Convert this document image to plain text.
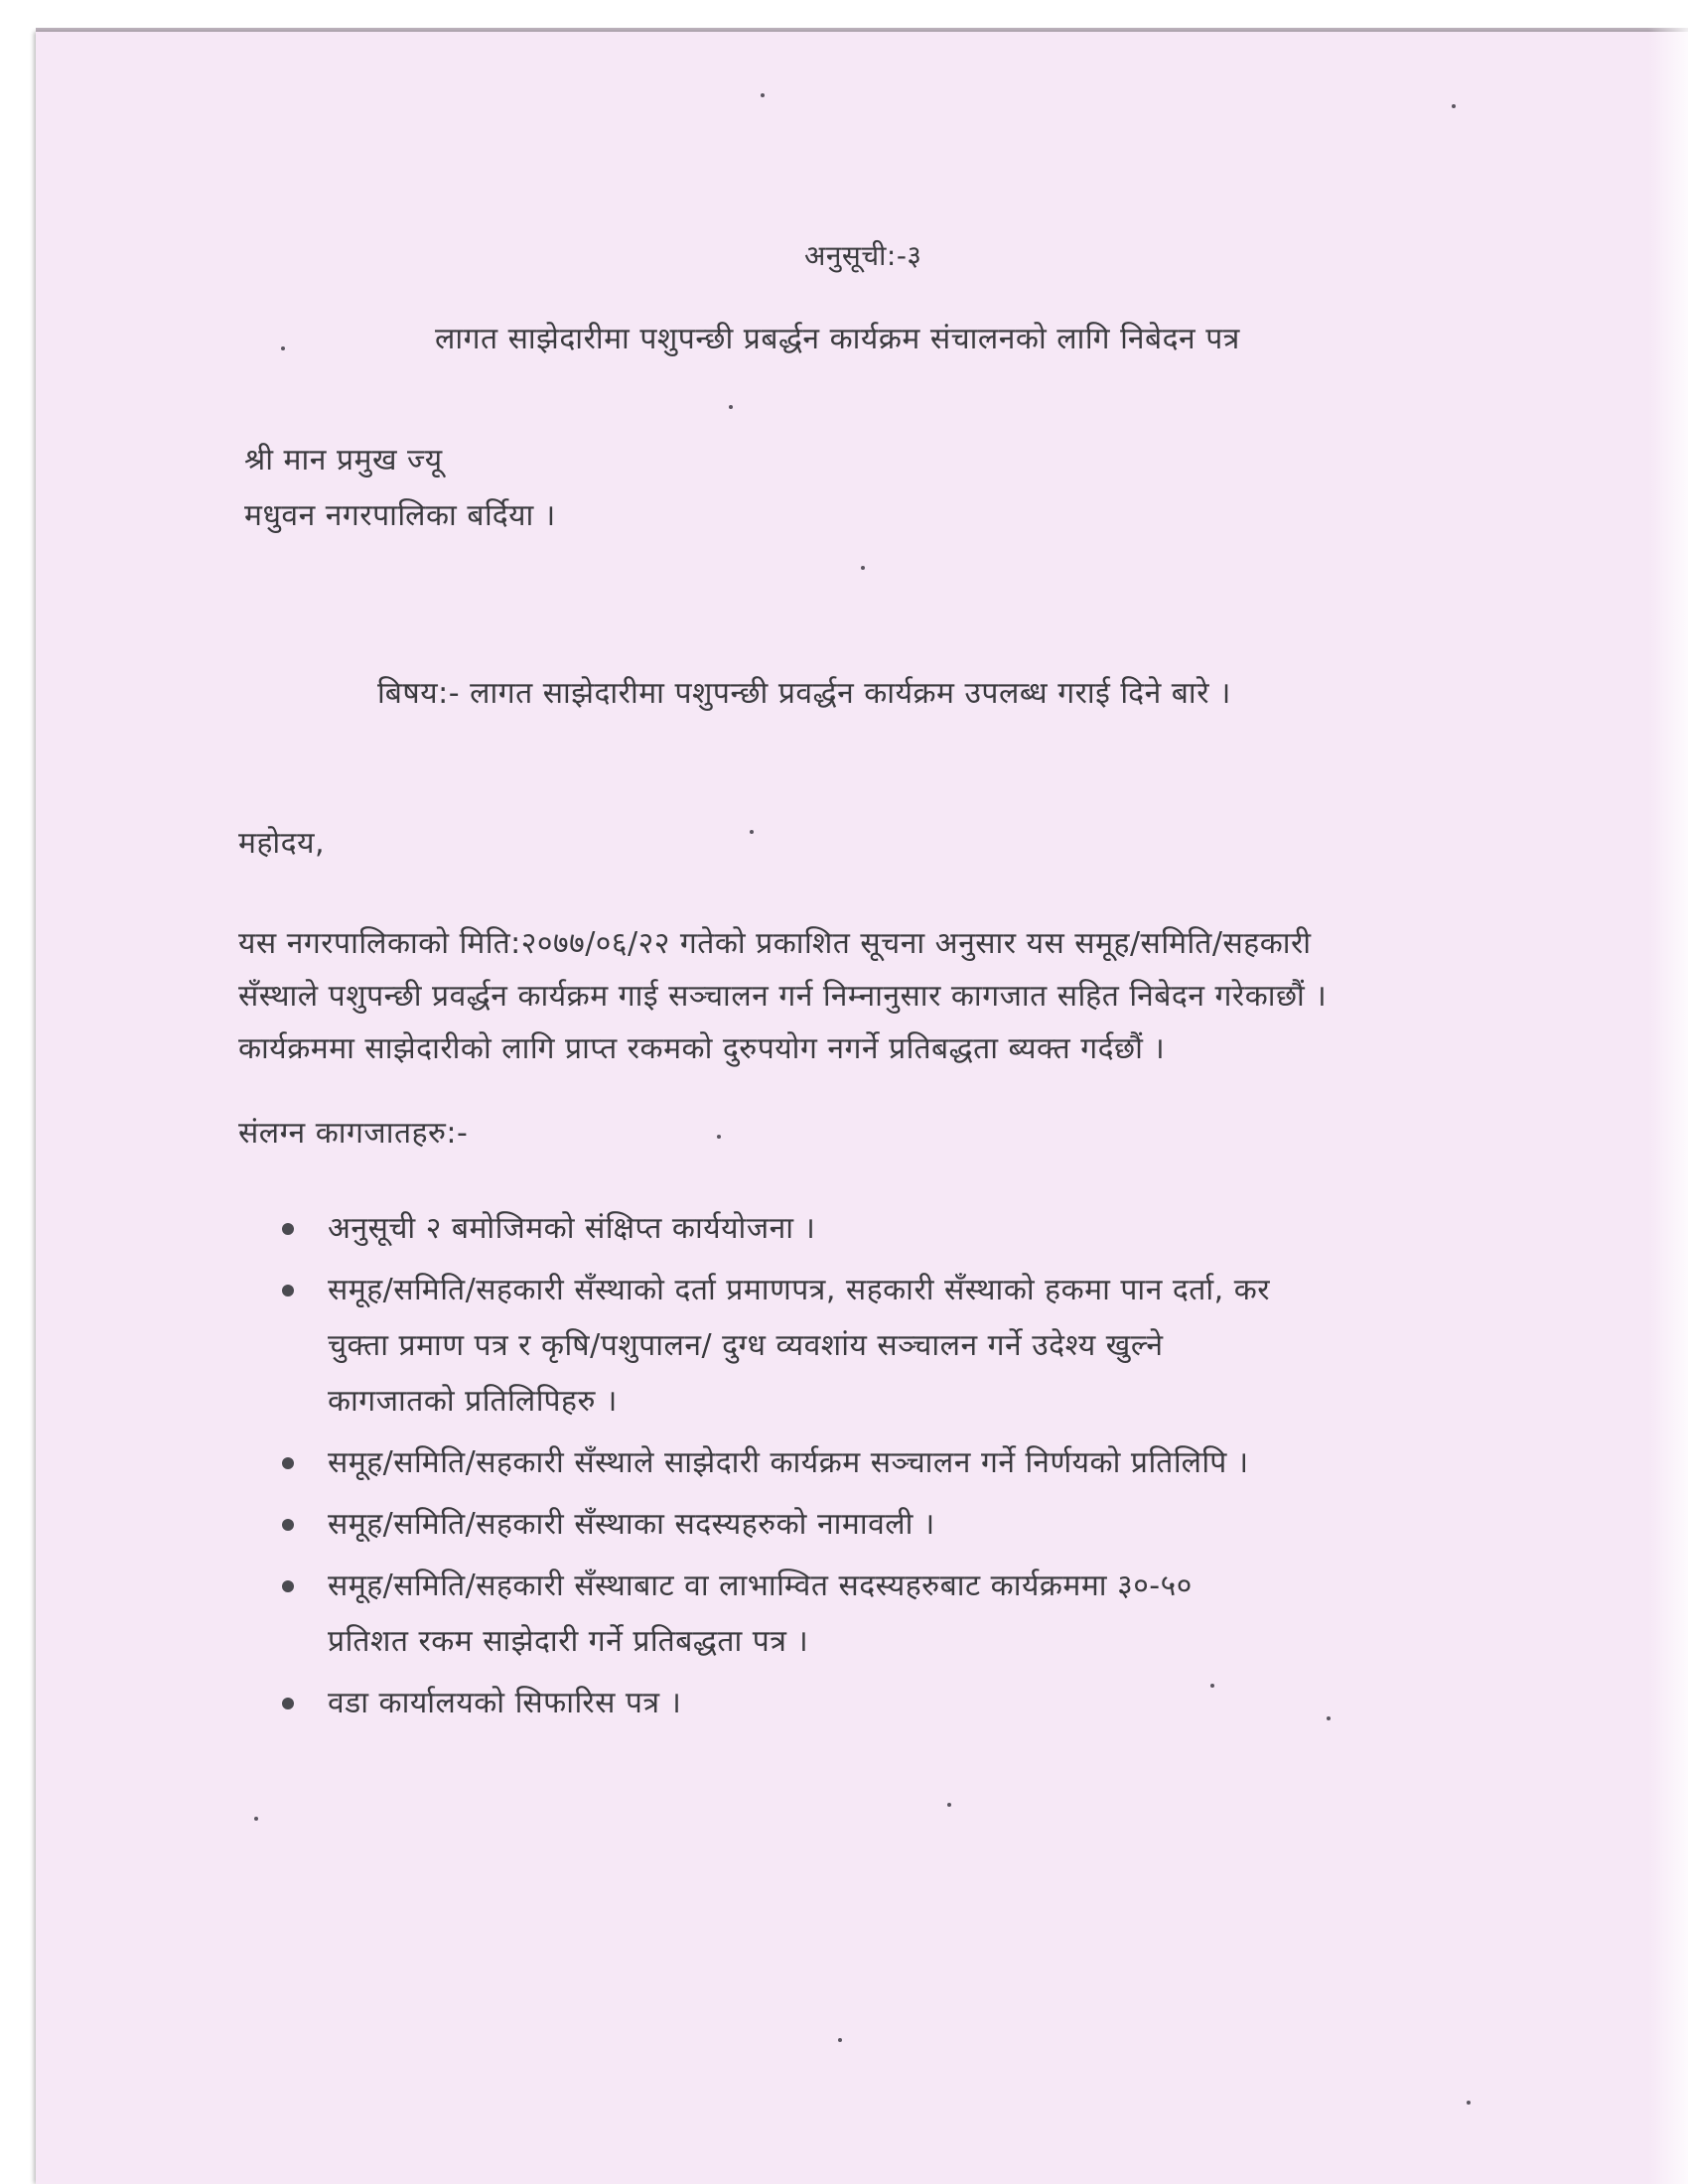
अनुसूची:-३
लागत साझेदारीमा पशुपन्छी प्रबर्द्धन कार्यक्रम संचालनको लागि निबेदन पत्र
श्री मान प्रमुख ज्यू
मधुवन नगरपालिका बर्दिया ।
बिषय:- लागत साझेदारीमा पशुपन्छी प्रवर्द्धन कार्यक्रम उपलब्ध गराई दिने बारे ।
महोदय,
यस नगरपालिकाको मिति:२०७७/०६/२२ गतेको प्रकाशित सूचना अनुसार यस समूह/समिति/सहकारी
सँस्थाले पशुपन्छी प्रवर्द्धन कार्यक्रम गाई सञ्चालन गर्न निम्नानुसार कागजात सहित निबेदन गरेकाछौं ।
कार्यक्रममा साझेदारीको लागि प्राप्त रकमको दुरुपयोग नगर्ने प्रतिबद्धता ब्यक्त गर्दछौं ।
संलग्न कागजातहरु:-
अनुसूची २ बमोजिमको संक्षिप्त कार्ययोजना ।
समूह/समिति/सहकारी सँस्थाको दर्ता प्रमाणपत्र, सहकारी सँस्थाको हकमा पान दर्ता, कर
चुक्ता प्रमाण पत्र र कृषि/पशुपालन/ दुग्ध व्यवशांय सञ्चालन गर्ने उदेश्य खुल्ने
कागजातको प्रतिलिपिहरु ।
समूह/समिति/सहकारी सँस्थाले साझेदारी कार्यक्रम सञ्चालन गर्ने निर्णयको प्रतिलिपि ।
समूह/समिति/सहकारी सँस्थाका सदस्यहरुको नामावली ।
समूह/समिति/सहकारी सँस्थाबाट वा लाभाम्वित सदस्यहरुबाट कार्यक्रममा ३०-५०
प्रतिशत रकम साझेदारी गर्ने प्रतिबद्धता पत्र ।
वडा कार्यालयको सिफारिस पत्र ।
